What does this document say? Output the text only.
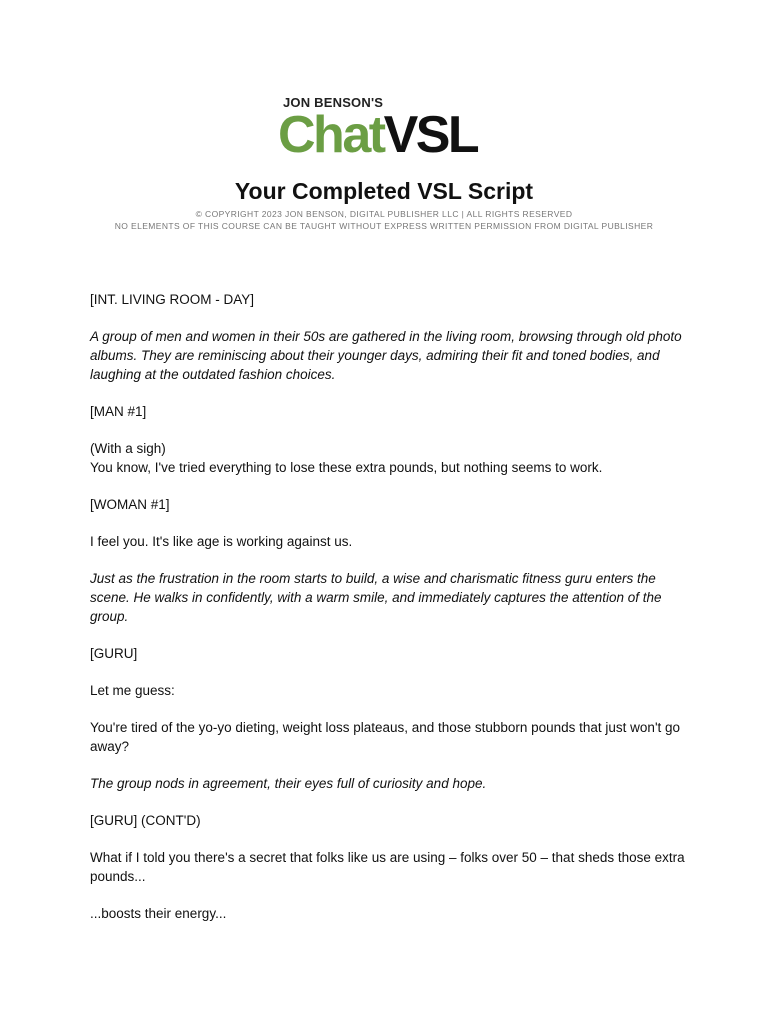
JON BENSON'S
ChatVSL
Your Completed VSL Script
© COPYRIGHT 2023 JON BENSON, DIGITAL PUBLISHER LLC | ALL RIGHTS RESERVED
NO ELEMENTS OF THIS COURSE CAN BE TAUGHT WITHOUT EXPRESS WRITTEN PERMISSION FROM DIGITAL PUBLISHER

[INT. LIVING ROOM - DAY]

A group of men and women in their 50s are gathered in the living room, browsing through old photo albums. They are reminiscing about their younger days, admiring their fit and toned bodies, and laughing at the outdated fashion choices.

[MAN #1]

(With a sigh)

You know, I've tried everything to lose these extra pounds, but nothing seems to work.

[WOMAN #1]

I feel you. It's like age is working against us.

Just as the frustration in the room starts to build, a wise and charismatic fitness guru enters the scene. He walks in confidently, with a warm smile, and immediately captures the attention of the group.

[GURU]

Let me guess:

You're tired of the yo-yo dieting, weight loss plateaus, and those stubborn pounds that just won't go away?

The group nods in agreement, their eyes full of curiosity and hope.

[GURU] (CONT'D)

What if I told you there's a secret that folks like us are using – folks over 50 – that sheds those extra pounds...

...boosts their energy...
